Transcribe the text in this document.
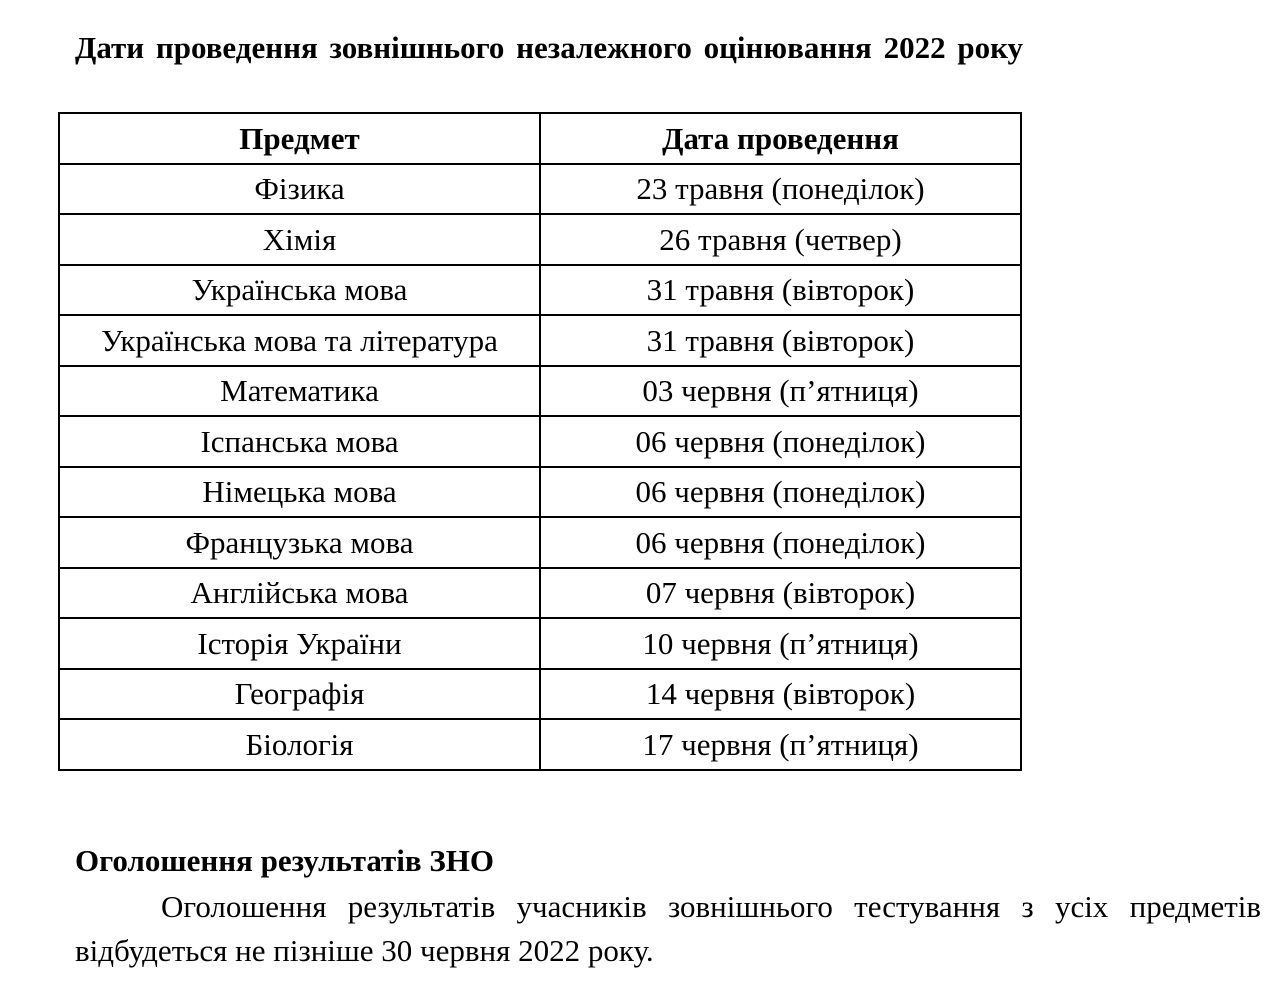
Дати проведення зовнішнього незалежного оцінювання 2022 року
Предмет	Дата проведення
Фізика	23 травня (понеділок)
Хімія	26 травня (четвер)
Українська мова	31 травня (вівторок)
Українська мова та література	31 травня (вівторок)
Математика	03 червня (п’ятниця)
Іспанська мова	06 червня (понеділок)
Німецька мова	06 червня (понеділок)
Французька мова	06 червня (понеділок)
Англійська мова	07 червня (вівторок)
Історія України	10 червня (п’ятниця)
Географія	14 червня (вівторок)
Біологія	17 червня (п’ятниця)
Оголошення результатів ЗНО
Оголошення результатів учасників зовнішнього тестування з усіх предметів відбудеться не пізніше 30 червня 2022 року.
